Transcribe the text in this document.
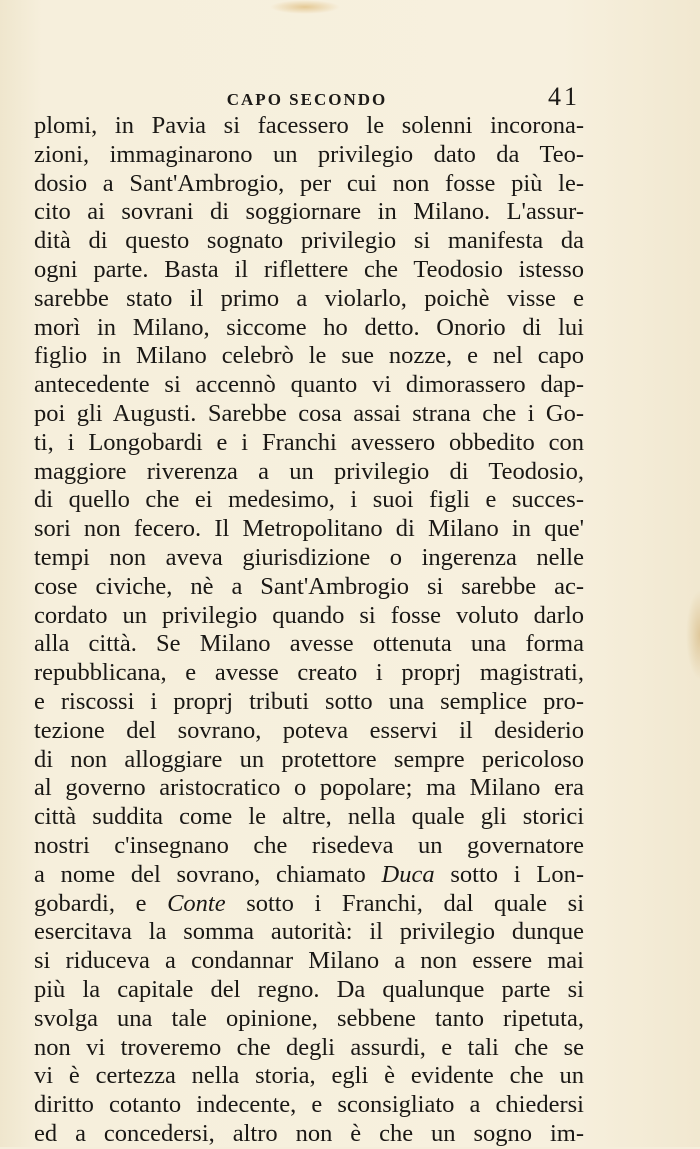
CAPO SECONDO	41
plomi, in Pavia si facessero le solenni incorona-
zioni, immaginarono un privilegio dato da Teo-
dosio a Sant'Ambrogio, per cui non fosse più le-
cito ai sovrani di soggiornare in Milano. L'assur-
dità di questo sognato privilegio si manifesta da
ogni parte. Basta il riflettere che Teodosio istesso
sarebbe stato il primo a violarlo, poichè visse e
morì in Milano, siccome ho detto. Onorio di lui
figlio in Milano celebrò le sue nozze, e nel capo
antecedente si accennò quanto vi dimorassero dap-
poi gli Augusti. Sarebbe cosa assai strana che i Go-
ti, i Longobardi e i Franchi avessero obbedito con
maggiore riverenza a un privilegio di Teodosio,
di quello che ei medesimo, i suoi figli e succes-
sori non fecero. Il Metropolitano di Milano in que'
tempi non aveva giurisdizione o ingerenza nelle
cose civiche, nè a Sant'Ambrogio si sarebbe ac-
cordato un privilegio quando si fosse voluto darlo
alla città. Se Milano avesse ottenuta una forma
repubblicana, e avesse creato i proprj magistrati,
e riscossi i proprj tributi sotto una semplice pro-
tezione del sovrano, poteva esservi il desiderio
di non alloggiare un protettore sempre pericoloso
al governo aristocratico o popolare; ma Milano era
città suddita come le altre, nella quale gli storici
nostri c'insegnano che risedeva un governatore
a nome del sovrano, chiamato Duca sotto i Lon-
gobardi, e Conte sotto i Franchi, dal quale si
esercitava la somma autorità: il privilegio dunque
si riduceva a condannar Milano a non essere mai
più la capitale del regno. Da qualunque parte si
svolga una tale opinione, sebbene tanto ripetuta,
non vi troveremo che degli assurdi, e tali che se
vi è certezza nella storia, egli è evidente che un
diritto cotanto indecente, e sconsigliato a chiedersi
ed a concedersi, altro non è che un sogno im-
